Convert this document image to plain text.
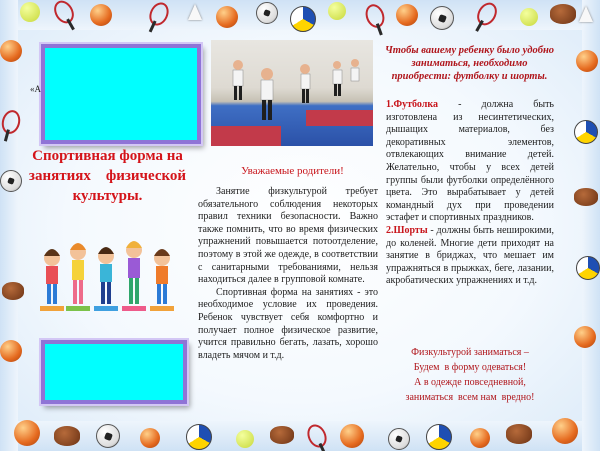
«А
Спортивная форма на
занятиях    физической
культуры.
Уважаемые родители!

Занятие физкультурой требует обязательного соблюдения некоторых правил техники безопасности. Важно также помнить, что во время физических упражнений повышается потоотделение, поэтому в этой же одежде, в соответствии с санитарными требованиями, нельзя находиться далее в групповой комнате.

Спортивная форма на занятиях - это необходимое условие их проведения. Ребенок чувствует себя комфортно и получает полное физическое развитие, учится правильно бегать, лазать, хорошо владеть мячом и т.д.

Чтобы вашему ребенку было удобно заниматься, необходимо приобрести: футболку и шорты.

1.Футболка - должна быть изготовлена из несинтетических, дышащих материалов, без декоративных элементов, отвлекающих внимание детей. Желательно, чтобы у всех детей группы были футболки определённого цвета. Это вырабатывает у детей командный дух при проведении эстафет и спортивных праздников.

2.Шорты - должны быть неширокими, до коленей. Многие дети приходят на занятие в бриджах, что мешает им упражняться в прыжках, беге, лазании, акробатических упражнениях и т.д.

Физкультурой заниматься –
Будем  в форму одеваться!
А в одежде повседневной,
заниматься  всем нам  вредно!
